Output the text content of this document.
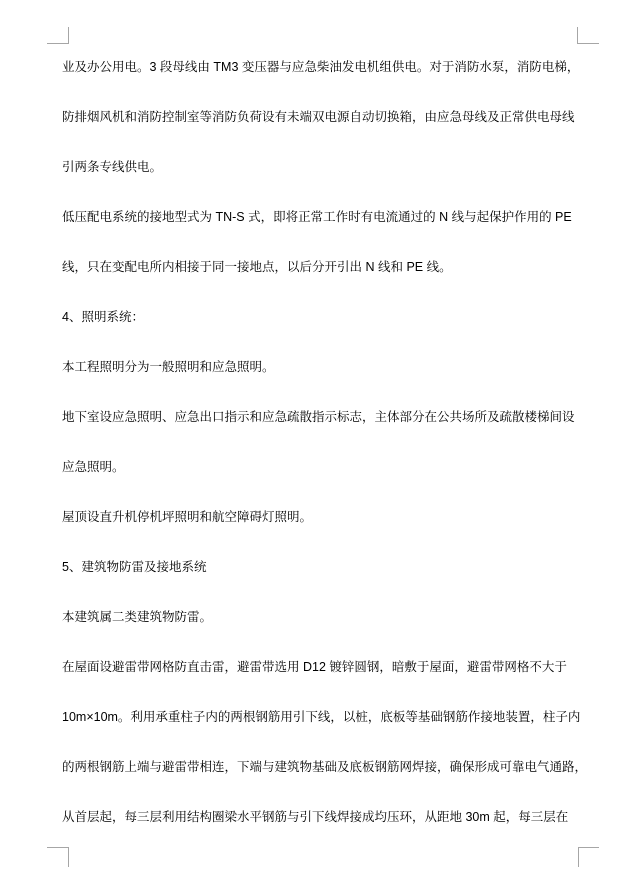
业及办公用电。3 段母线由 TM3 变压器与应急柴油发电机组供电。对于消防水泵，消防电梯，
防排烟风机和消防控制室等消防负荷设有未端双电源自动切换箱，由应急母线及正常供电母线
引两条专线供电。
低压配电系统的接地型式为 TN-S 式，即将正常工作时有电流通过的 N 线与起保护作用的 PE
线，只在变配电所内相接于同一接地点，以后分开引出 N 线和 PE 线。
4、照明系统：
本工程照明分为一般照明和应急照明。
地下室设应急照明、应急出口指示和应急疏散指示标志，主体部分在公共场所及疏散楼梯间设
应急照明。
屋顶设直升机停机坪照明和航空障碍灯照明。
5、建筑物防雷及接地系统
本建筑属二类建筑物防雷。
在屋面设避雷带网格防直击雷，避雷带选用 D12 镀锌圆钢，暗敷于屋面，避雷带网格不大于
10m×10m。利用承重柱子内的两根钢筋用引下线，以桩，底板等基础钢筋作接地装置，柱子内
的两根钢筋上端与避雷带相连，下端与建筑物基础及底板钢筋网焊接，确保形成可靠电气通路，
从首层起，每三层利用结构圈梁水平钢筋与引下线焊接成均压环，从距地 30m 起，每三层在
